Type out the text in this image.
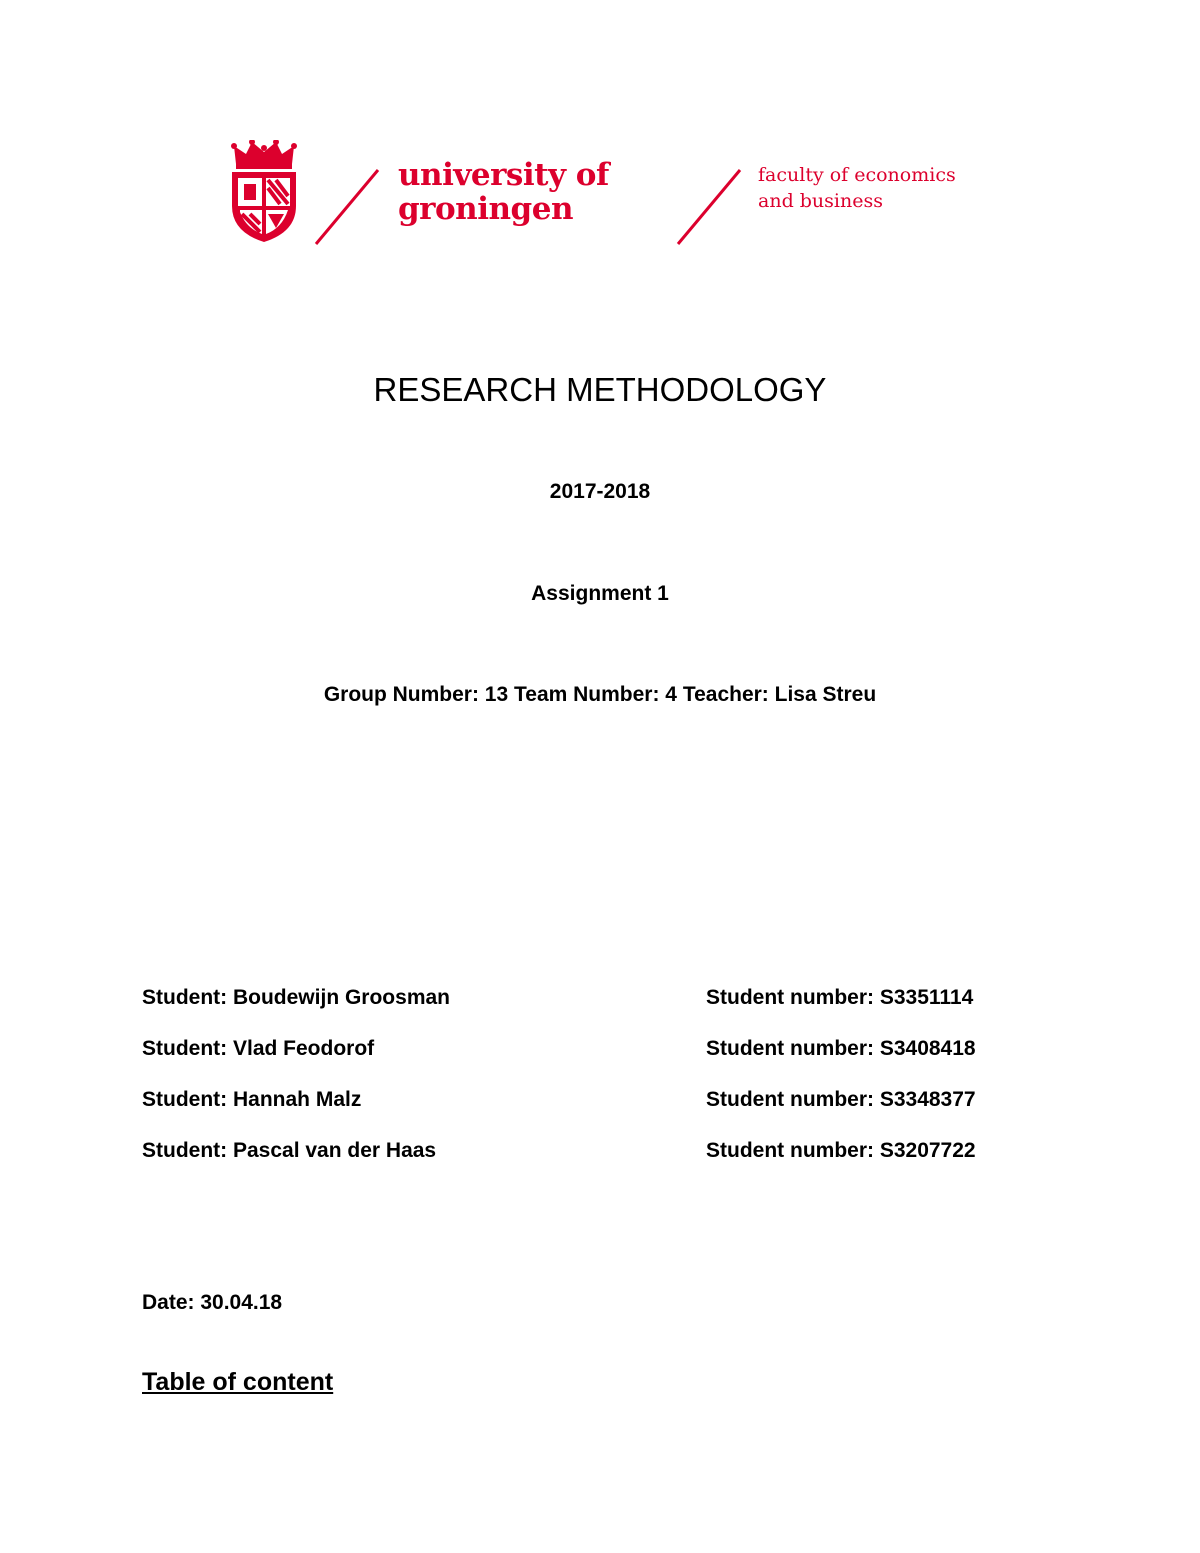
university of
groningen
faculty of economics
and business
RESEARCH METHODOLOGY
2017-2018
Assignment 1
Group Number: 13 Team Number: 4 Teacher: Lisa Streu
Student: Boudewijn Groosman	Student number: S3351114
Student: Vlad Feodorof	Student number: S3408418
Student: Hannah Malz	Student number: S3348377
Student: Pascal van der Haas	Student number: S3207722
Date: 30.04.18
Table of content
